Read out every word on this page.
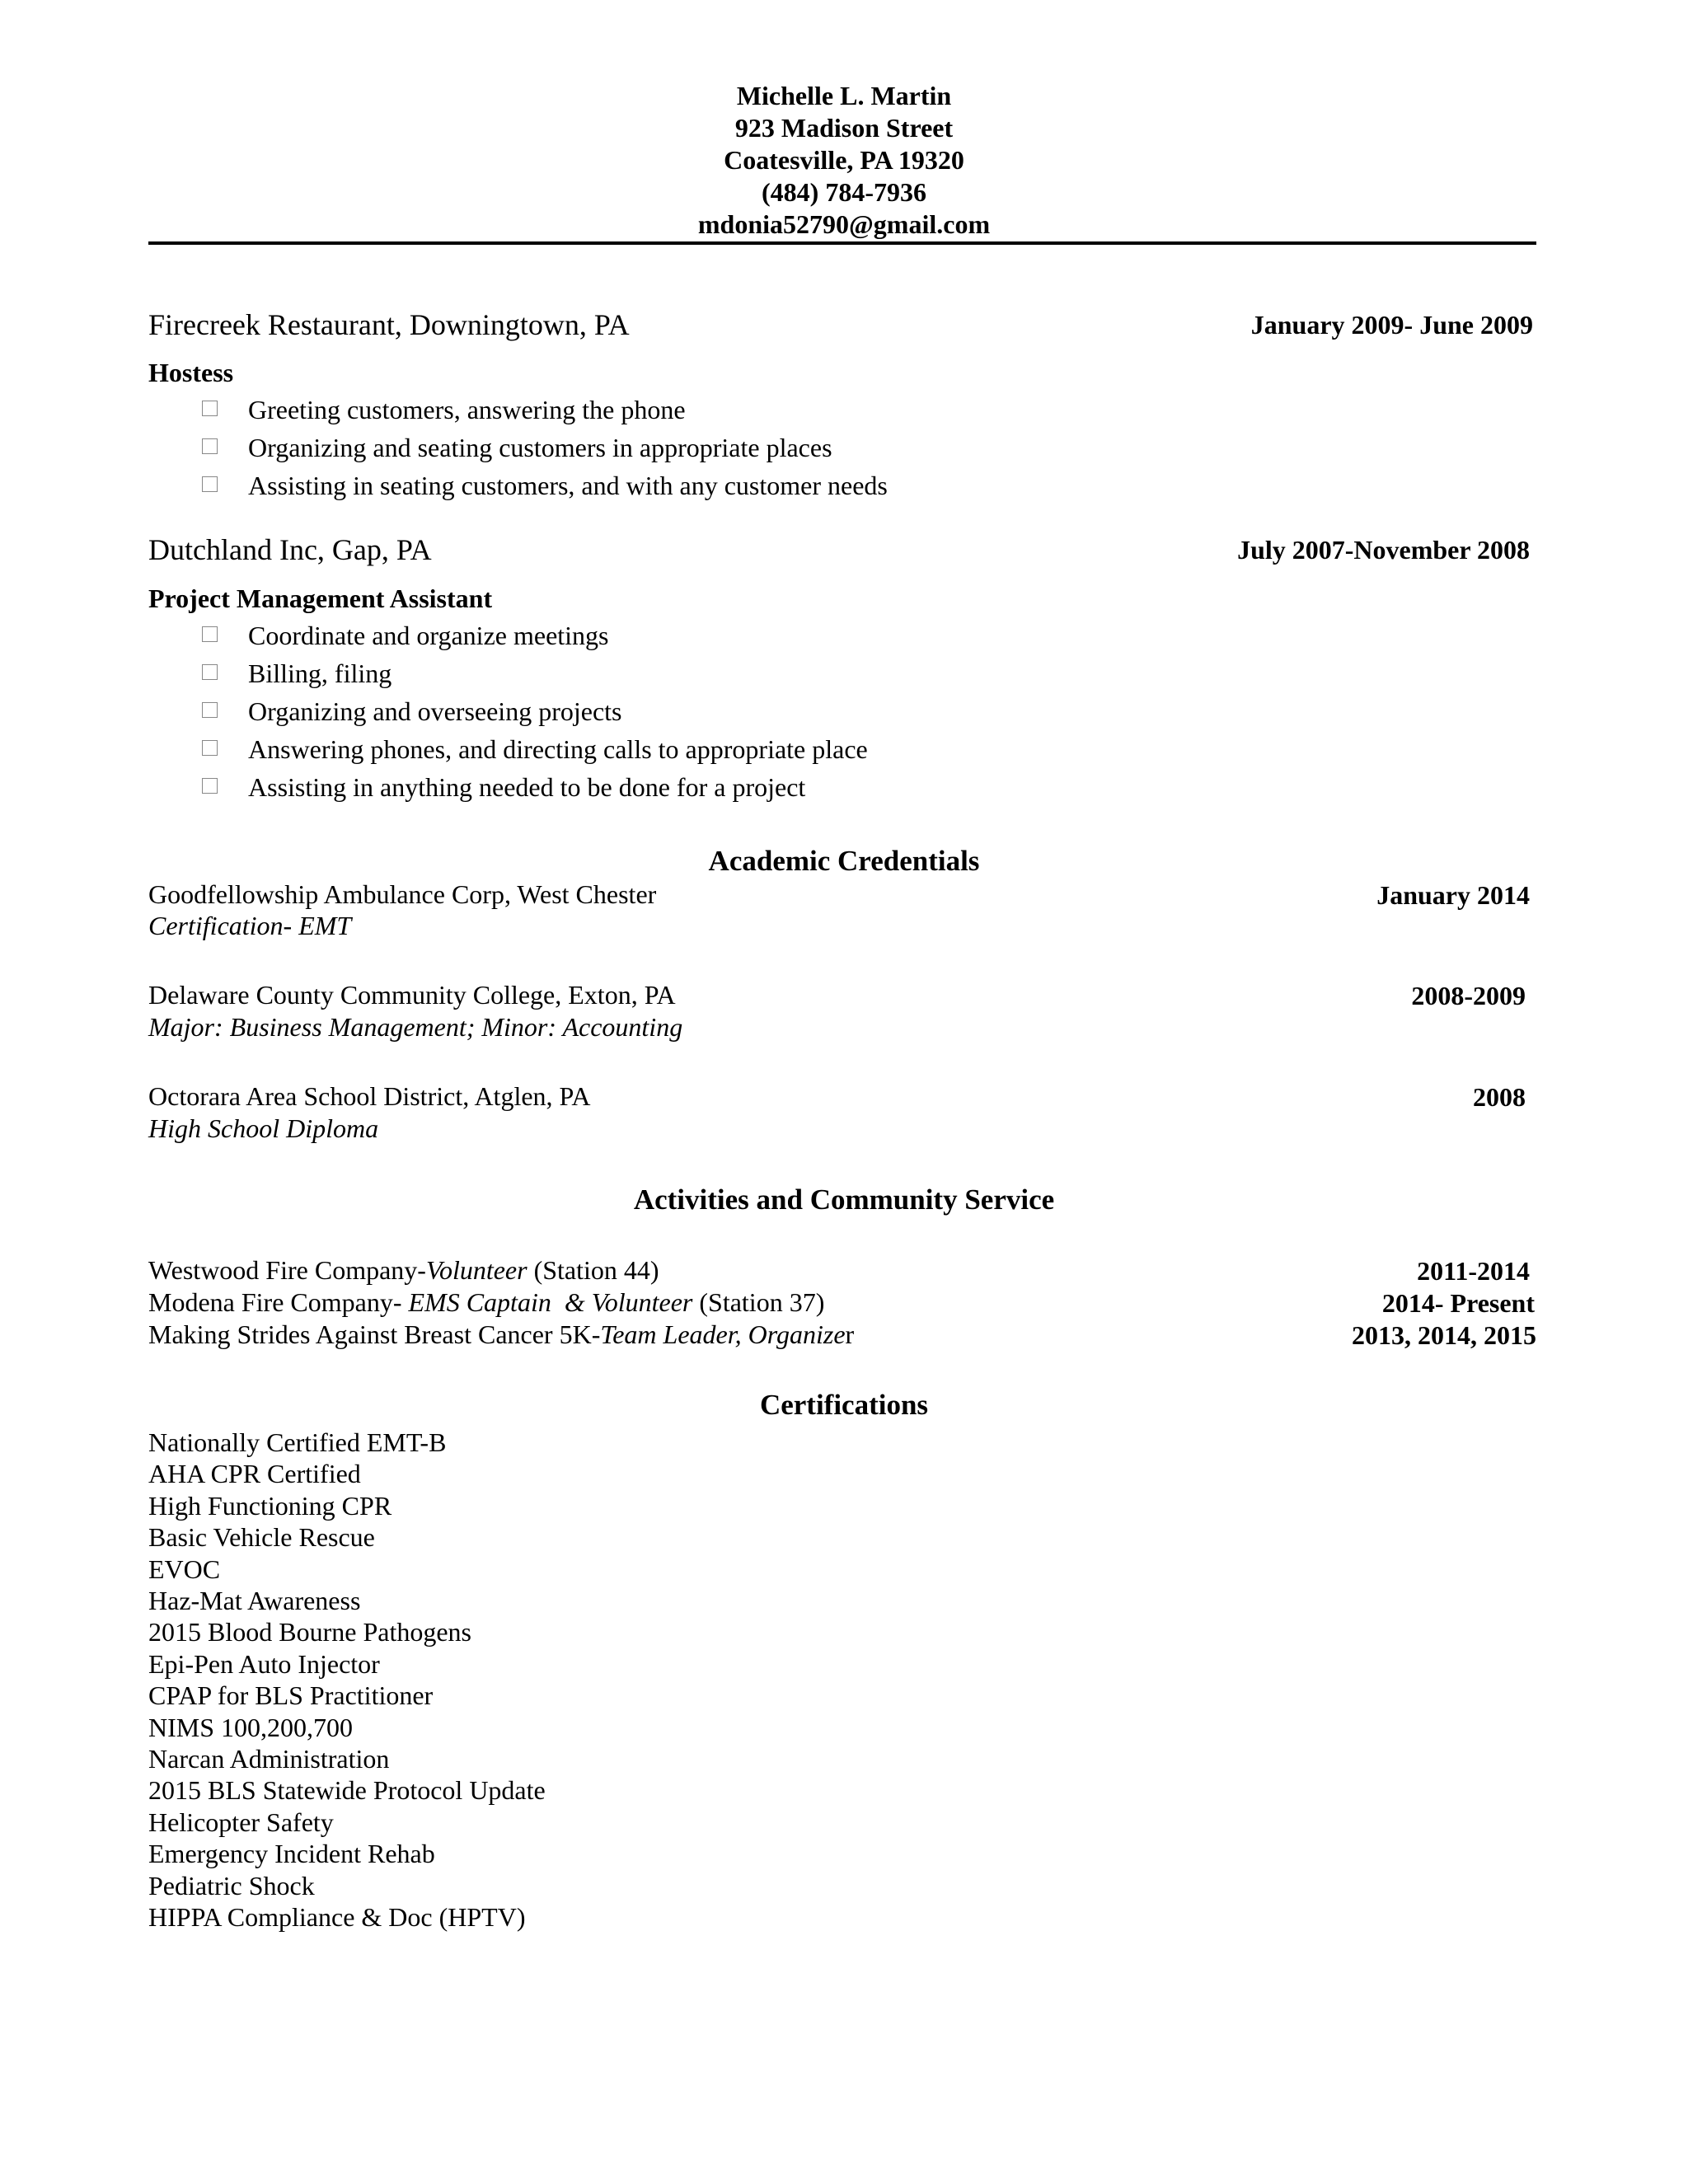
Michelle L. Martin
923 Madison Street
Coatesville, PA 19320
(484) 784-7936
mdonia52790@gmail.com
Firecreek Restaurant, Downingtown, PA	January 2009- June 2009
Hostess
Greeting customers, answering the phone
Organizing and seating customers in appropriate places
Assisting in seating customers, and with any customer needs
Dutchland Inc, Gap, PA	July 2007-November 2008
Project Management Assistant
Coordinate and organize meetings
Billing, filing
Organizing and overseeing projects
Answering phones, and directing calls to appropriate place
Assisting in anything needed to be done for a project
Academic Credentials
Goodfellowship Ambulance Corp, West Chester	January 2014
Certification- EMT
Delaware County Community College, Exton, PA	2008-2009
Major: Business Management; Minor: Accounting
Octorara Area School District, Atglen, PA	2008
High School Diploma
Activities and Community Service
Westwood Fire Company-Volunteer (Station 44)	2011-2014
Modena Fire Company- EMS Captain  & Volunteer (Station 37)	2014- Present
Making Strides Against Breast Cancer 5K-Team Leader, Organizer	2013, 2014, 2015
Certifications
Nationally Certified EMT-B
AHA CPR Certified
High Functioning CPR
Basic Vehicle Rescue
EVOC
Haz-Mat Awareness
2015 Blood Bourne Pathogens
Epi-Pen Auto Injector
CPAP for BLS Practitioner
NIMS 100,200,700
Narcan Administration
2015 BLS Statewide Protocol Update
Helicopter Safety
Emergency Incident Rehab
Pediatric Shock
HIPPA Compliance & Doc (HPTV)
